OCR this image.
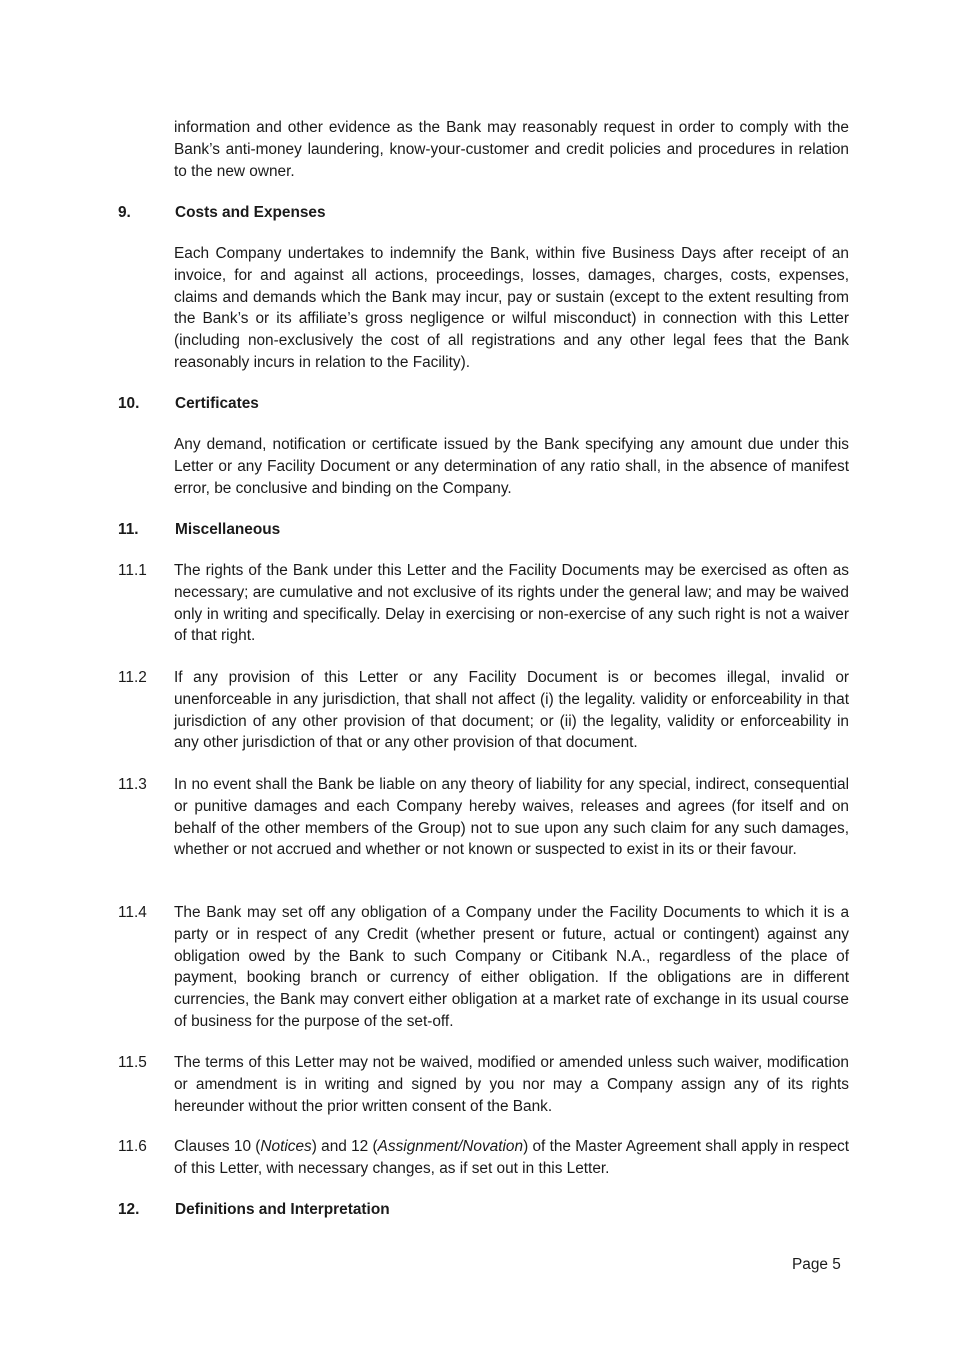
information and other evidence as the Bank may reasonably request in order to comply with the Bank’s anti-money laundering, know-your-customer and credit policies and procedures in relation to the new owner.

9.	Costs and Expenses

Each Company undertakes to indemnify the Bank, within five Business Days after receipt of an invoice, for and against all actions, proceedings, losses, damages, charges, costs, expenses, claims and demands which the Bank may incur, pay or sustain (except to the extent resulting from the Bank’s or its affiliate’s gross negligence or wilful misconduct) in connection with this Letter (including non-exclusively the cost of all registrations and any other legal fees that the Bank reasonably incurs in relation to the Facility).

10. Certificates

Any demand, notification or certificate issued by the Bank specifying any amount due under this Letter or any Facility Document or any determination of any ratio shall, in the absence of manifest error, be conclusive and binding on the Company.

11. Miscellaneous

11.1 The rights of the Bank under this Letter and the Facility Documents may be exercised as often as necessary; are cumulative and not exclusive of its rights under the general law; and may be waived only in writing and specifically. Delay in exercising or non-exercise of any such right is not a waiver of that right.
11.2 If any provision of this Letter or any Facility Document is or becomes illegal, invalid or unenforceable in any jurisdiction, that shall not affect (i) the legality. validity or enforceability in that jurisdiction of any other provision of that document; or (ii) the legality, validity or enforceability in any other jurisdiction of that or any other provision of that document.
11.3 In no event shall the Bank be liable on any theory of liability for any special, indirect, consequential or punitive damages and each Company hereby waives, releases and agrees (for itself and on behalf of the other members of the Group) not to sue upon any such claim for any such damages, whether or not accrued and whether or not known or suspected to exist in its or their favour.
11.4 The Bank may set off any obligation of a Company under the Facility Documents to which it is a party or in respect of any Credit (whether present or future, actual or contingent) against any obligation owed by the Bank to such Company or Citibank N.A., regardless of the place of payment, booking branch or currency of either obligation. If the obligations are in different currencies, the Bank may convert either obligation at a market rate of exchange in its usual course of business for the purpose of the set-off.
11.5 The terms of this Letter may not be waived, modified or amended unless such waiver, modification or amendment is in writing and signed by you nor may a Company assign any of its rights hereunder without the prior written consent of the Bank.
11.6 Clauses 10 (Notices) and 12 (Assignment/Novation) of the Master Agreement shall apply in respect of this Letter, with necessary changes, as if set out in this Letter.

12. Definitions and Interpretation

Page 5
